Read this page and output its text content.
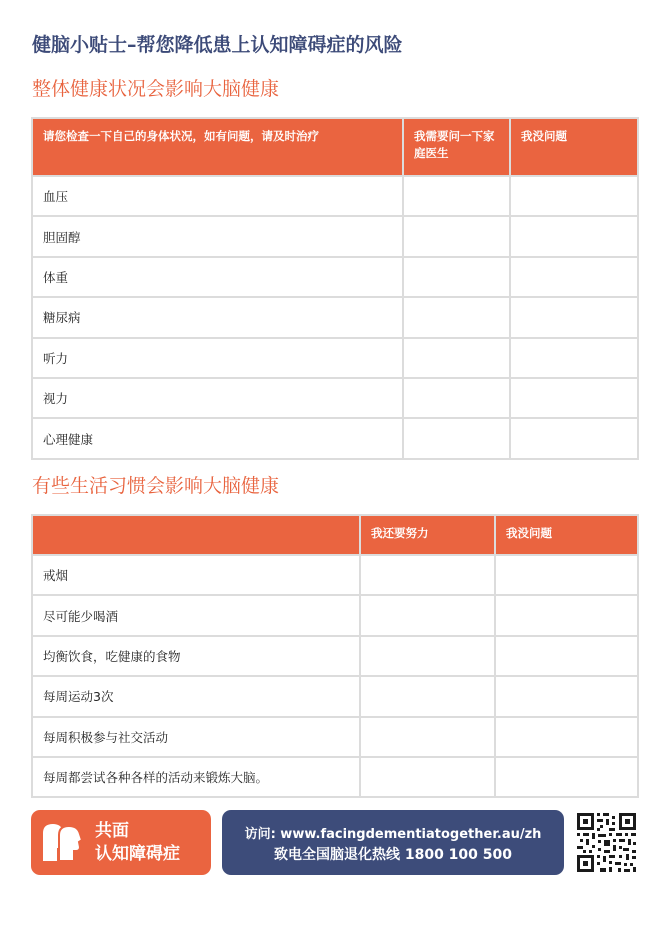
健脑小贴士–帮您降低患上认知障碍症的风险
整体健康状况会影响大脑健康
请您检查一下自己的身体状况，如有问题，请及时治疗	我需要问一下家庭医生	我没问题
血压		
胆固醇		
体重		
糖尿病		
听力		
视力		
心理健康		
有些生活习惯会影响大脑健康
	我还要努力	我没问题
戒烟		
尽可能少喝酒		
均衡饮食，吃健康的食物		
每周运动3次		
每周积极参与社交活动		
每周都尝试各种各样的活动来锻炼大脑。		
共面
认知障碍症
访问: www.facingdementiatogether.au/zh
致电全国脑退化热线 1800 100 500
